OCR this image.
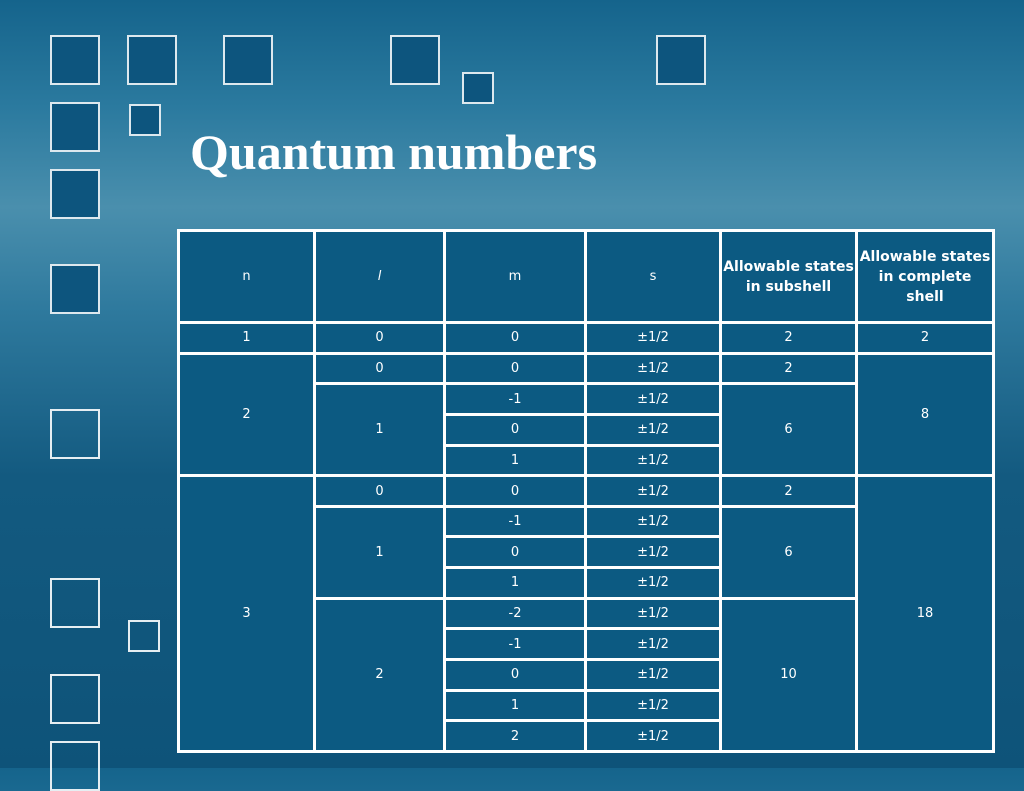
Quantum numbers
n	l	m	s	Allowable states in subshell	Allowable states in complete shell
1	0	0	±1/2	2	2
2	0	0	±1/2	2	8
	1	-1	±1/2	6	
		0	±1/2		
		1	±1/2		
3	0	0	±1/2	2	18
	1	-1	±1/2	6	
		0	±1/2		
		1	±1/2		
	2	-2	±1/2	10	
		-1	±1/2		
		0	±1/2		
		1	±1/2		
		2	±1/2		
